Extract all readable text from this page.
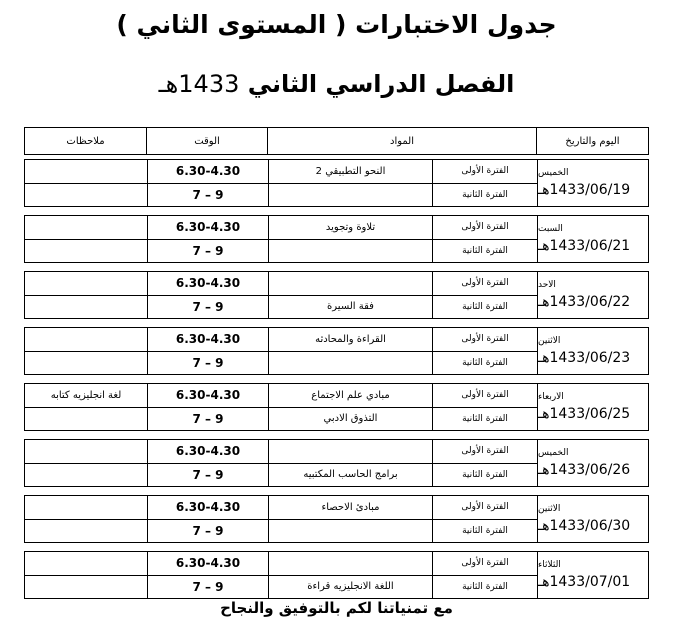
جدول الاختبارات ( المستوى الثاني )
الفصل الدراسي الثاني 1433هـ
اليوم والتاريخ
المواد
الوقت
ملاحظات
الخميس
1433/06/19هـ
الفترة الأولى
النحو التطبيقي 2
الفترة الثانية
6.30-4.30
7 – 9
السبت
1433/06/21هـ
الفترة الأولى
تلاوة وتجويد
الفترة الثانية
6.30-4.30
7 – 9
الاحد
1433/06/22هـ
الفترة الأولى
الفترة الثانية
فقة السيرة
6.30-4.30
7 – 9
الاثنين
1433/06/23هـ
الفترة الأولى
القراءة والمحادثه
الفترة الثانية
6.30-4.30
7 – 9
الاربعاء
1433/06/25هـ
الفترة الأولى
مبادي علم الاجتماع
الفترة الثانية
التذوق الادبي
6.30-4.30
7 – 9
لغة انجليزيه كتابه
الخميس
1433/06/26هـ
الفترة الأولى
الفترة الثانية
برامج الحاسب المكتبيه
6.30-4.30
7 – 9
الاثنين
1433/06/30هـ
الفترة الأولى
مبادئ الاحصاء
الفترة الثانية
6.30-4.30
7 – 9
الثلاثاء
1433/07/01هـ
الفترة الأولى
الفترة الثانية
اللغة الانجليزيه قراءة
6.30-4.30
7 – 9
مع تمنياتنا لكم بالتوفيق والنجاح
